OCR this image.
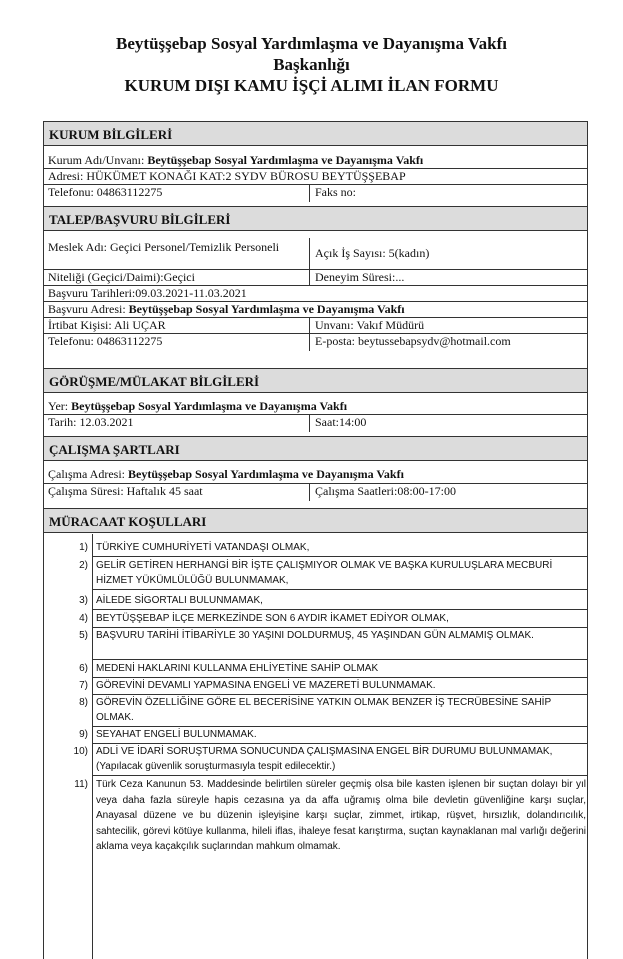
Beytüşşebap Sosyal Yardımlaşma ve Dayanışma Vakfı
Başkanlığı
KURUM DIŞI KAMU İŞÇİ ALIMI İLAN FORMU
KURUM BİLGİLERİ
Kurum Adı/Unvanı: Beytüşşebap Sosyal Yardımlaşma ve Dayanışma Vakfı
Adresi: HÜKÜMET KONAĞI KAT:2 SYDV BÜROSU BEYTÜŞŞEBAP
Telefonu: 04863112275	Faks no:
TALEP/BAŞVURU BİLGİLERİ
Meslek Adı: Geçici Personel/Temizlik Personeli	Açık İş Sayısı: 5(kadın)
Niteliği (Geçici/Daimi):Geçici	Deneyim Süresi:...
Başvuru Tarihleri:09.03.2021-11.03.2021
Başvuru Adresi: Beytüşşebap Sosyal Yardımlaşma ve Dayanışma Vakfı
İrtibat Kişisi: Ali UÇAR	Unvanı: Vakıf Müdürü
Telefonu: 04863112275	E-posta: beytussebapsydv@hotmail.com
GÖRÜŞME/MÜLAKAT BİLGİLERİ
Yer: Beytüşşebap Sosyal Yardımlaşma ve Dayanışma Vakfı
Tarih: 12.03.2021	Saat:14:00
ÇALIŞMA ŞARTLARI
Çalışma Adresi: Beytüşşebap Sosyal Yardımlaşma ve Dayanışma Vakfı
Çalışma Süresi: Haftalık 45 saat	Çalışma Saatleri:08:00-17:00
MÜRACAAT KOŞULLARI
1) TÜRKİYE CUMHURİYETİ VATANDAŞI OLMAK,
2) GELİR GETİREN HERHANGİ BİR İŞTE ÇALIŞMIYOR OLMAK VE BAŞKA KURULUŞLARA MECBURİ HİZMET YÜKÜMLÜLÜĞÜ BULUNMAMAK,
3) AİLEDE SİGORTALI BULUNMAMAK,
4) BEYTÜŞŞEBAP İLÇE MERKEZİNDE SON 6 AYDIR İKAMET EDİYOR OLMAK,
5) BAŞVURU TARİHİ İTİBARİYLE 30 YAŞINI DOLDURMUŞ, 45 YAŞINDAN GÜN ALMAMIŞ OLMAK.
6) MEDENİ HAKLARINI KULLANMA EHLİYETİNE SAHİP OLMAK
7) GÖREVİNİ DEVAMLI YAPMASINA ENGELİ VE MAZERETİ BULUNMAMAK.
8) GÖREVİN ÖZELLİĞİNE GÖRE EL BECERİSİNE YATKIN OLMAK BENZER İŞ TECRÜBESİNE SAHİP OLMAK.
9) SEYAHAT ENGELİ BULUNMAMAK.
10) ADLİ VE İDARİ SORUŞTURMA SONUCUNDA ÇALIŞMASINA ENGEL BİR DURUMU BULUNMAMAK, (Yapılacak güvenlik soruşturmasıyla tespit edilecektir.)
11) Türk Ceza Kanunun 53. Maddesinde belirtilen süreler geçmiş olsa bile kasten işlenen bir suçtan dolayı bir yıl veya daha fazla süreyle hapis cezasına ya da affa uğramış olma bile devletin güvenliğine karşı suçlar, Anayasal düzene ve bu düzenin işleyişine karşı suçlar, zimmet, irtikap, rüşvet, hırsızlık, dolandırıcılık, sahtecilik, görevi kötüye kullanma, hileli iflas, ihaleye fesat karıştırma, suçtan kaynaklanan mal varlığı değerini aklama veya kaçakçılık suçlarından mahkum olmamak.
